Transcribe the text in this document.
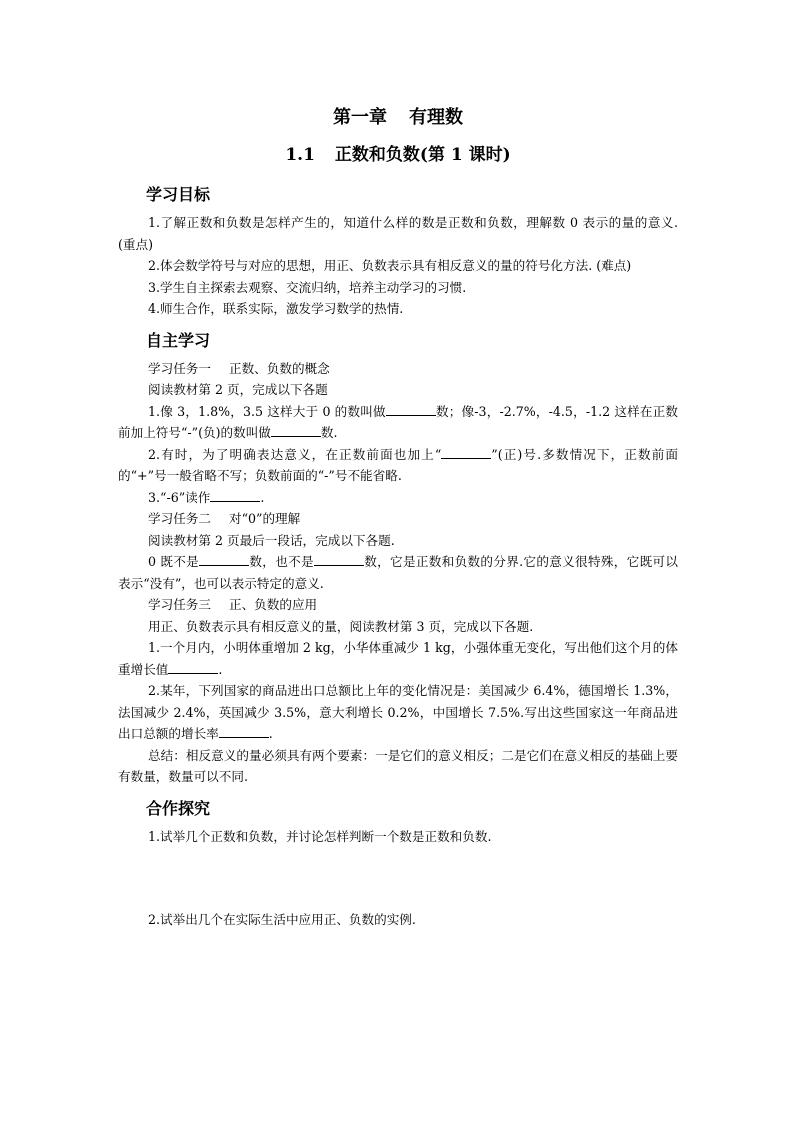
第一章 有理数

1.1 正数和负数(第 1 课时)

学习目标

1.了解正数和负数是怎样产生的，知道什么样的数是正数和负数，理解数 0 表示的量的意义. (重点)

2.体会数学符号与对应的思想，用正、负数表示具有相反意义的量的符号化方法. (难点)

3.学生自主探索去观察、交流归纳，培养主动学习的习惯.

4.师生合作，联系实际，激发学习数学的热情.

自主学习

学习任务一 正数、负数的概念

阅读教材第 2 页，完成以下各题

1.像 3，1.8%，3.5 这样大于 0 的数叫做	数；像-3，-2.7%，-4.5，-1.2 这样在正数前加上符号“-”(负)的数叫做	数.

2.有时，为了明确表达意义，在正数前面也加上“	”(正)号.多数情况下，正数前面的“+”号一般省略不写；负数前面的“-”号不能省略.

3.“-6”读作	.

学习任务二 对“0”的理解

阅读教材第 2 页最后一段话，完成以下各题.

0 既不是	数，也不是	数，它是正数和负数的分界.它的意义很特殊，它既可以表示“没有”，也可以表示特定的意义.

学习任务三 正、负数的应用

用正、负数表示具有相反意义的量，阅读教材第 3 页，完成以下各题.

1.一个月内，小明体重增加 2 kg，小华体重减少 1 kg，小强体重无变化，写出他们这个月的体重增长值	.

2.某年，下列国家的商品进出口总额比上年的变化情况是：美国减少 6.4%，德国增长 1.3%，法国减少 2.4%，英国减少 3.5%，意大利增长 0.2%，中国增长 7.5%.写出这些国家这一年商品进出口总额的增长率	.

总结：相反意义的量必须具有两个要素：一是它们的意义相反；二是它们在意义相反的基础上要有数量，数量可以不同.

合作探究

1.试举几个正数和负数，并讨论怎样判断一个数是正数和负数.

2.试举出几个在实际生活中应用正、负数的实例.
